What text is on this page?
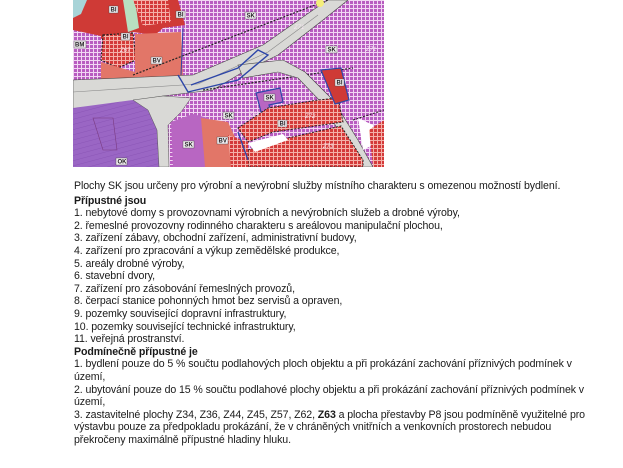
BI
BI
BI
Z67
BM
BV
SK
Z71
SK	Z71
BI
SK
SK	Z44
BI
Z72
SK
BV
Z73
OK

Plochy SK jsou určeny pro výrobní a nevýrobní služby místního charakteru s omezenou možností bydlení.

Přípustné jsou

1. nebytové domy s provozovnami výrobních a nevýrobních služeb a drobné výroby,

2. řemeslné provozovny rodinného charakteru s areálovou manipulační plochou,

3. zařízení zábavy, obchodní zařízení, administrativní budovy,

4. zařízení pro zpracování a výkup zemědělské produkce,

5. areály drobné výroby,

6. stavební dvory,

7. zařízení pro zásobování řemeslných provozů,

8. čerpací stanice pohonných hmot bez servisů a opraven,

9. pozemky související dopravní infrastruktury,

10. pozemky související technické infrastruktury,

11. veřejná prostranství.

Podmínečně přípustné je

1. bydlení pouze do 5 % součtu podlahových ploch objektu a při prokázání zachování příznivých podmínek v území,

2. ubytování pouze do 15 % součtu podlahové plochy objektu a při prokázání zachování příznivých podmínek v území,

3. zastavitelné plochy Z34, Z36, Z44, Z45, Z57, Z62, Z63 a plocha přestavby P8 jsou podmíněně využitelné pro výstavbu pouze za předpokladu prokázání, že v chráněných vnitřních a venkovních prostorech nebudou překročeny maximálně přípustné hladiny hluku.
